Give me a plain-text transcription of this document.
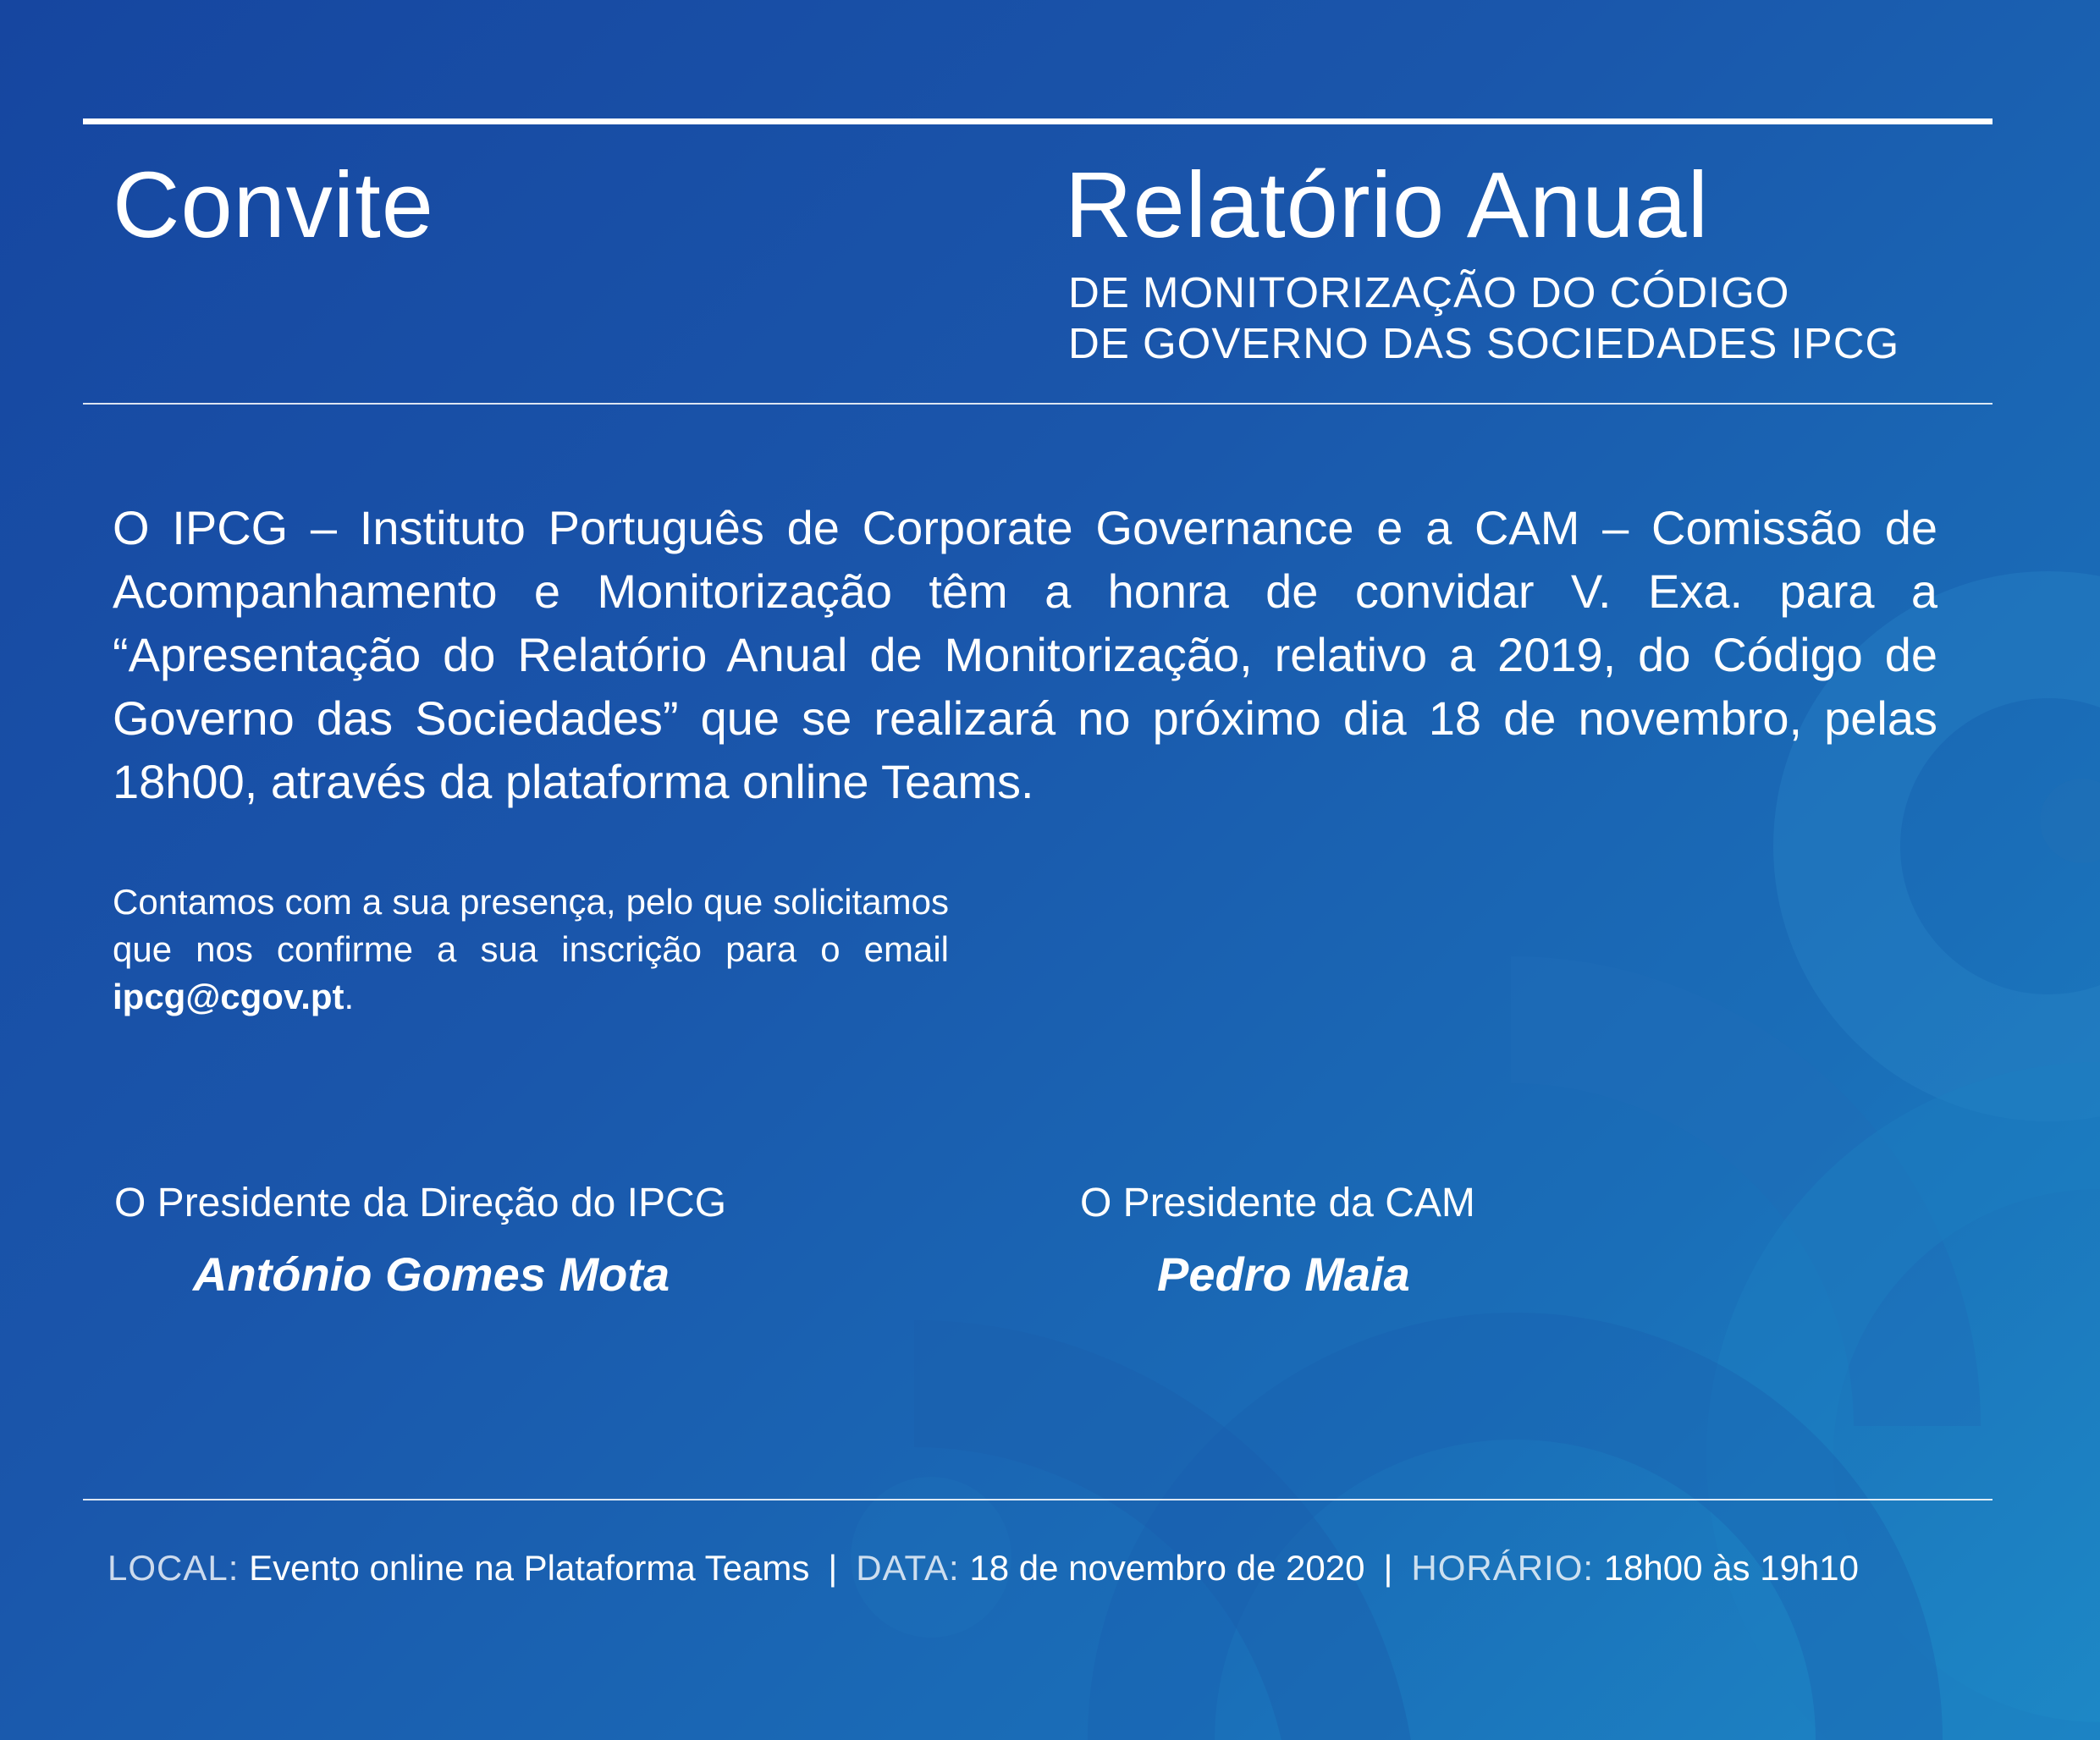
Convite	Relatório Anual
DE MONITORIZAÇÃO DO CÓDIGO
DE GOVERNO DAS SOCIEDADES IPCG
O IPCG – Instituto Português de Corporate Governance e a CAM – Comissão de Acompanhamento e Monitorização têm a honra de convidar V. Exa. para a “Apresentação do Relatório Anual de Monitorização, relativo a 2019, do Código de Governo das Sociedades” que se realizará no próximo dia 18 de novembro, pelas 18h00, através da plataforma online Teams.
Contamos com a sua presença, pelo que solicitamos que nos confirme a sua inscrição para o email ipcg@cgov.pt.
O Presidente da Direção do IPCG
António Gomes Mota
O Presidente da CAM
Pedro Maia
LOCAL: Evento online na Plataforma Teams | DATA: 18 de novembro de 2020 | HORÁRIO: 18h00 às 19h10
